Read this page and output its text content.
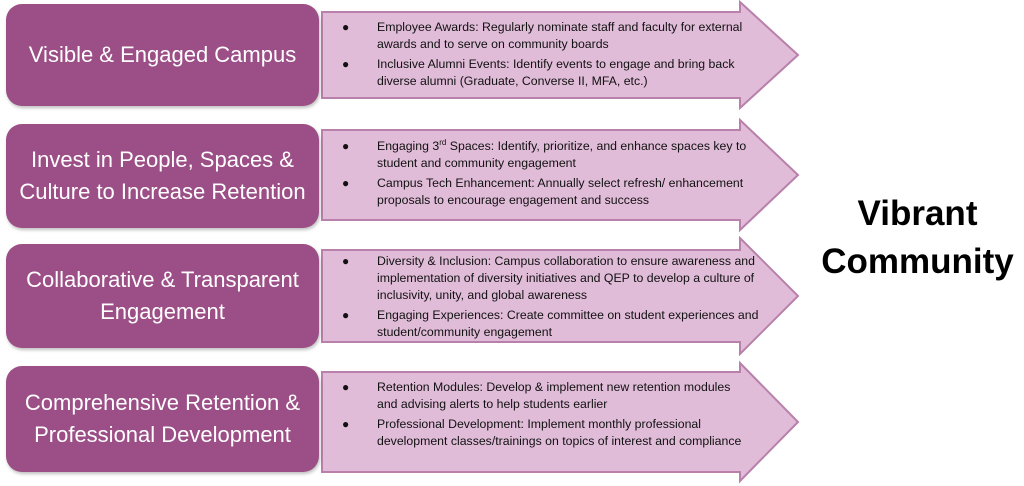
Visible & Engaged Campus
● Employee Awards: Regularly nominate staff and faculty for external awards and to serve on community boards
● Inclusive Alumni Events: Identify events to engage and bring back diverse alumni (Graduate, Converse II, MFA, etc.)
Invest in People, Spaces & Culture to Increase Retention
● Engaging 3rd Spaces: Identify, prioritize, and enhance spaces key to student and community engagement
● Campus Tech Enhancement: Annually select refresh/ enhancement proposals to encourage engagement and success
Collaborative & Transparent Engagement
● Diversity & Inclusion: Campus collaboration to ensure awareness and implementation of diversity initiatives and QEP to develop a culture of inclusivity, unity, and global awareness
● Engaging Experiences: Create committee on student experiences and student/community engagement
Comprehensive Retention & Professional Development
● Retention Modules: Develop & implement new retention modules and advising alerts to help students earlier
● Professional Development: Implement monthly professional development classes/trainings on topics of interest and compliance
Vibrant
Community
